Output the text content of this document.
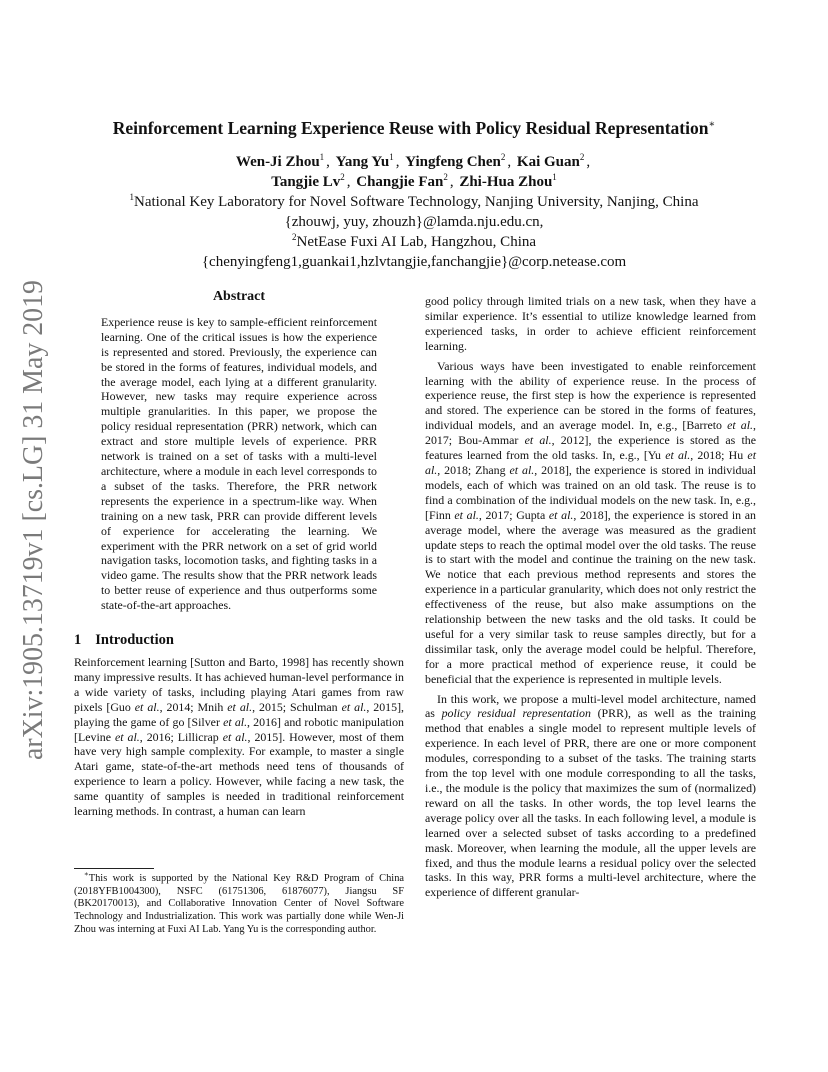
arXiv:1905.13719v1 [cs.LG] 31 May 2019
Reinforcement Learning Experience Reuse with Policy Residual Representation∗
Wen-Ji Zhou$^1$ , Yang Yu$^1$ , Yingfeng Chen$^2$ , Kai Guan$^2$ ,
Tangjie Lv$^2$ , Changjie Fan$^2$ , Zhi-Hua Zhou$^1$
$^1$National Key Laboratory for Novel Software Technology, Nanjing University, Nanjing, China
{zhouwj, yuy, zhouzh}@lamda.nju.edu.cn,
$^2$NetEase Fuxi AI Lab, Hangzhou, China
{chenyingfeng1,guankai1,hzlvtangjie,fanchangjie}@corp.netease.com
Abstract

Experience reuse is key to sample-efficient reinforcement learning. One of the critical issues is how the experience is represented and stored. Previously, the experience can be stored in the forms of features, individual models, and the average model, each lying at a different granularity. However, new tasks may require experience across multiple granularities. In this paper, we propose the policy residual representation (PRR) network, which can extract and store multiple levels of experience. PRR network is trained on a set of tasks with a multi-level architecture, where a module in each level corresponds to a subset of the tasks. Therefore, the PRR network represents the experience in a spectrum-like way. When training on a new task, PRR can provide different levels of experience for accelerating the learning. We experiment with the PRR network on a set of grid world navigation tasks, locomotion tasks, and fighting tasks in a video game. The results show that the PRR network leads to better reuse of experience and thus outperforms some state-of-the-art approaches.

1 Introduction

Reinforcement learning [Sutton and Barto, 1998] has recently shown many impressive results. It has achieved human-level performance in a wide variety of tasks, including playing Atari games from raw pixels [Guo et al., 2014; Mnih et al., 2015; Schulman et al., 2015], playing the game of go [Silver et al., 2016] and robotic manipulation [Levine et al., 2016; Lillicrap et al., 2015]. However, most of them have very high sample complexity. For example, to master a single Atari game, state-of-the-art methods need tens of thousands of experience to learn a policy. However, while facing a new task, the same quantity of samples is needed in traditional reinforcement learning methods. In contrast, a human can learn

∗This work is supported by the National Key R&D Program of China (2018YFB1004300), NSFC (61751306, 61876077), Jiangsu SF (BK20170013), and Collaborative Innovation Center of Novel Software Technology and Industrialization. This work was partially done while Wen-Ji Zhou was interning at Fuxi AI Lab. Yang Yu is the corresponding author.

good policy through limited trials on a new task, when they have a similar experience. It’s essential to utilize knowledge learned from experienced tasks, in order to achieve efficient reinforcement learning.

Various ways have been investigated to enable reinforcement learning with the ability of experience reuse. In the process of experience reuse, the first step is how the experience is represented and stored. The experience can be stored in the forms of features, individual models, and an average model. In, e.g., [Barreto et al., 2017; Bou-Ammar et al., 2012], the experience is stored as the features learned from the old tasks. In, e.g., [Yu et al., 2018; Hu et al., 2018; Zhang et al., 2018], the experience is stored in individual models, each of which was trained on an old task. The reuse is to find a combination of the individual models on the new task. In, e.g., [Finn et al., 2017; Gupta et al., 2018], the experience is stored in an average model, where the average was measured as the gradient update steps to reach the optimal model over the old tasks. The reuse is to start with the model and continue the training on the new task. We notice that each previous method represents and stores the experience in a particular granularity, which does not only restrict the effectiveness of the reuse, but also make assumptions on the relationship between the new tasks and the old tasks. It could be useful for a very similar task to reuse samples directly, but for a dissimilar task, only the average model could be helpful. Therefore, for a more practical method of experience reuse, it could be beneficial that the experience is represented in multiple levels.

In this work, we propose a multi-level model architecture, named as policy residual representation (PRR), as well as the training method that enables a single model to represent multiple levels of experience. In each level of PRR, there are one or more component modules, corresponding to a subset of the tasks. The training starts from the top level with one module corresponding to all the tasks, i.e., the module is the policy that maximizes the sum of (normalized) reward on all the tasks. In other words, the top level learns the average policy over all the tasks. In each following level, a module is learned over a selected subset of tasks according to a predefined mask. Moreover, when learning the module, all the upper levels are fixed, and thus the module learns a residual policy over the selected tasks. In this way, PRR forms a multi-level architecture, where the experience of different granular-
